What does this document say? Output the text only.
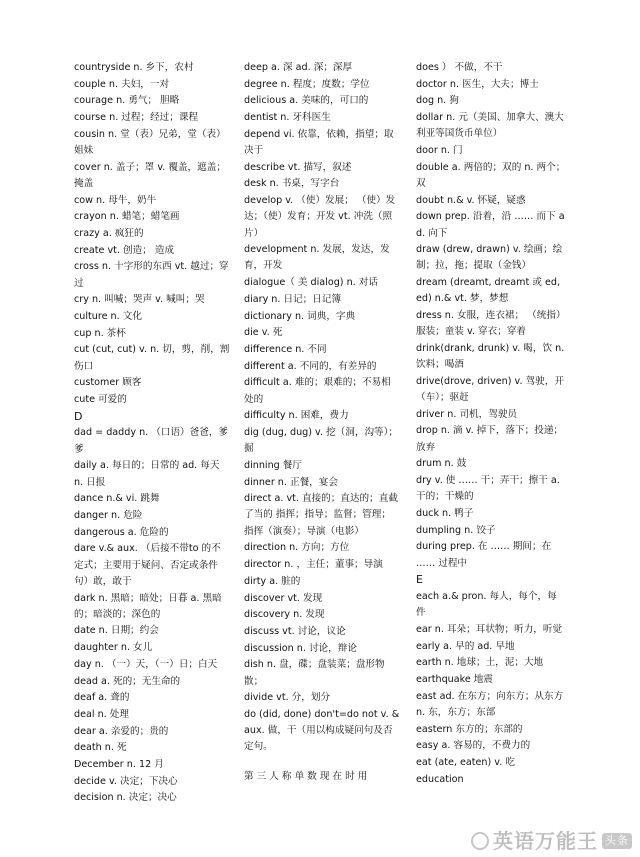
countryside n. 乡下，农村
couple n. 夫妇，一对
courage n. 勇气； 胆略
course n. 过程；经过；课程
cousin n. 堂（表）兄弟，堂（表）姐妹
cover n. 盖子；罩 v. 覆盖，遮盖；掩盖
cow n. 母牛，奶牛
crayon n. 蜡笔；蜡笔画
crazy a. 疯狂的
create vt. 创造； 造成
cross n. 十字形的东西 vt. 越过；穿过
cry n. 叫喊；哭声 v. 喊叫；哭
culture n. 文化
cup n. 茶杯
cut (cut, cut) v. n. 切，剪，削，割 伤口
customer 顾客
cute 可爱的
D
dad = daddy n. （口语）爸爸，爹爹
daily a. 每日的；日常的 ad. 每天 n. 日报
dance n.& vi. 跳舞
danger n. 危险
dangerous a. 危险的
dare v.& aux. （后接不带to 的不定式；主要用于疑问、否定或条件句）敢，敢于
dark n. 黑暗；暗处；日暮 a. 黑暗的；暗淡的；深色的
date n. 日期；约会
daughter n. 女儿
day n. （一）天，（一）日；白天
dead a. 死的；无生命的
deaf a. 聋的
deal n. 处理
dear a. 亲爱的；贵的
death n. 死
December n. 12 月
decide v. 决定；下决心
decision n. 决定；决心
deep a. 深 ad. 深；深厚
degree n. 程度；度数；学位
delicious a. 美味的，可口的
dentist n. 牙科医生
depend vi. 依靠，依赖，指望；取决于
describe vt. 描写，叙述
desk n. 书桌，写字台
develop v. （使）发展； （使）发达；（使）发育；开发 vt. 冲洗（照片）
development n. 发展，发达，发育，开发
dialogue（ 美 dialog) n. 对话
diary n. 日记；日记簿
dictionary n. 词典，字典
die v. 死
difference n. 不同
different a. 不同的，有差异的
difficult a. 难的；艰难的；不易相处的
difficulty n. 困难，费力
dig (dug, dug) v. 挖（洞，沟等）；掘
dinning 餐厅
dinner n. 正餐，宴会
direct a. vt. 直接的；直达的；直截了当的 指挥；指导；监督；管理；指挥（演奏）；导演（电影）
direction n. 方向；方位
director n. ，主任；董事；导演
dirty a. 脏的
discover vt. 发现
discovery n. 发现
discuss vt. 讨论，议论
discussion n. 讨论，辩论
dish n. 盘，碟；盘装菜；盘形物散；
divide vt. 分，划分
do (did, done) don't=do not v. & aux. 做，干（用以构成疑问句及否定句。
第 三 人 称 单 数 现 在 时 用
does ） 不做，不干
doctor n. 医生，大夫；博士
dog n. 狗
dollar n. 元（美国、加拿大、澳大利亚等国货币单位）
door n. 门
double a. 两倍的；双的 n. 两个；双
doubt n.& v. 怀疑，疑惑
down prep. 沿着，沿 …… 而下 ad. 向下
draw (drew, drawn) v. 绘画；绘制；拉，拖；提取（金钱）
dream (dreamt, dreamt 或 ed, ed) n.& vt. 梦，梦想
dress n. 女服，连衣裙； （统指）服装；童装 v. 穿衣；穿着
drink(drank, drunk) v. 喝，饮 n. 饮料；喝酒
drive(drove, driven) v. 驾驶，开（车）；驱赶
driver n. 司机，驾驶员
drop n. 滴 v. 掉下，落下；投递；放弃
drum n. 鼓
dry v. 使 …… 干；弄干；擦干 a. 干的；干燥的
duck n. 鸭子
dumpling n. 饺子
during prep. 在 …… 期间；在 …… 过程中
E
each a.& pron. 每人，每个，每件
ear n. 耳朵；耳状物；听力，听觉
early a. 早的 ad. 早地
earth n. 地球；土，泥；大地
earthquake 地震
east ad. 在东方；向东方；从东方 n. 东，东方；东部
eastern 东方的；东部的
easy a. 容易的，不费力的
eat (ate, eaten) v. 吃
education
英语万能王 头条
